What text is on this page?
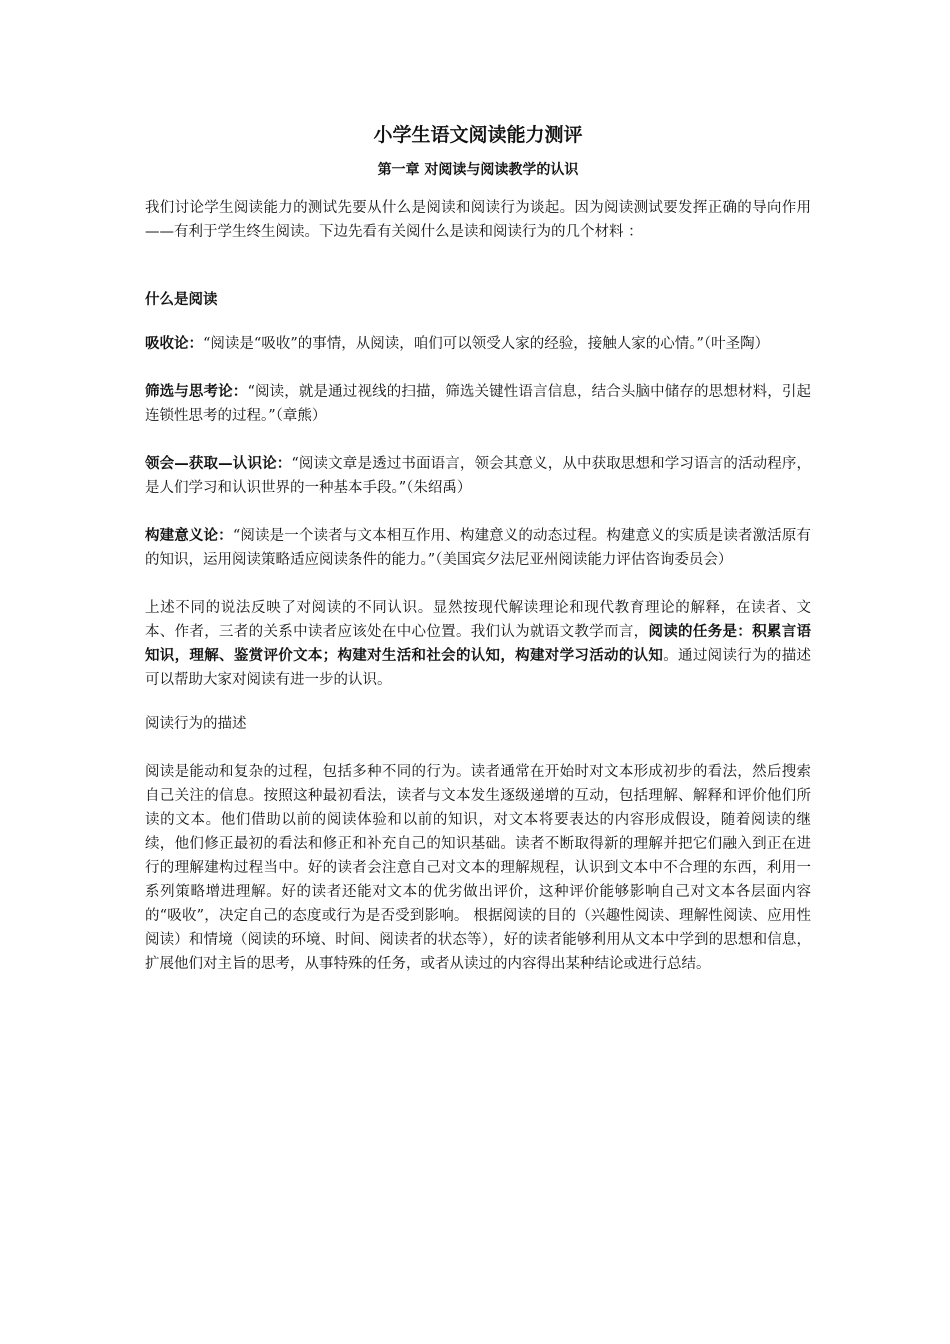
小学生语文阅读能力测评
第一章 对阅读与阅读教学的认识

我们讨论学生阅读能力的测试先要从什么是阅读和阅读行为谈起。因为阅读测试要发挥正确的导向作用——有利于学生终生阅读。下边先看有关阅什么是读和阅读行为的几个材料 ：

什么是阅读

吸收论：“阅读是“吸收”的事情，从阅读，咱们可以领受人家的经验，接触人家的心情。”（叶圣陶）

筛选与思考论：“阅读，就是通过视线的扫描，筛选关键性语言信息，结合头脑中储存的思想材料，引起连锁性思考的过程。”（章熊）

领会—获取—认识论：“阅读文章是透过书面语言，领会其意义，从中获取思想和学习语言的活动程序，是人们学习和认识世界的一种基本手段。”（朱绍禹）

构建意义论：“阅读是一个读者与文本相互作用、构建意义的动态过程。构建意义的实质是读者激活原有的知识，运用阅读策略适应阅读条件的能力。”（美国宾夕法尼亚州阅读能力评估咨询委员会）

上述不同的说法反映了对阅读的不同认识。显然按现代解读理论和现代教育理论的解释，在读者、文本、作者，三者的关系中读者应该处在中心位置。我们认为就语文教学而言，阅读的任务是：积累言语知识，理解、鉴赏评价文本；构建对生活和社会的认知，构建对学习活动的认知。通过阅读行为的描述可以帮助大家对阅读有进一步的认识。

阅读行为的描述

阅读是能动和复杂的过程，包括多种不同的行为。读者通常在开始时对文本形成初步的看法，然后搜索自己关注的信息。按照这种最初看法，读者与文本发生逐级递增的互动，包括理解、解释和评价他们所读的文本。他们借助以前的阅读体验和以前的知识，对文本将要表达的内容形成假设，随着阅读的继续，他们修正最初的看法和修正和补充自己的知识基础。读者不断取得新的理解并把它们融入到正在进行的理解建构过程当中。好的读者会注意自己对文本的理解规程，认识到文本中不合理的东西，利用一系列策略增进理解。好的读者还能对文本的优劣做出评价，这种评价能够影响自己对文本各层面内容的“吸收”，决定自己的态度或行为是否受到影响。 根据阅读的目的（兴趣性阅读、理解性阅读、应用性阅读）和情境（阅读的环境、时间、阅读者的状态等），好的读者能够利用从文本中学到的思想和信息，扩展他们对主旨的思考，从事特殊的任务，或者从读过的内容得出某种结论或进行总结。
